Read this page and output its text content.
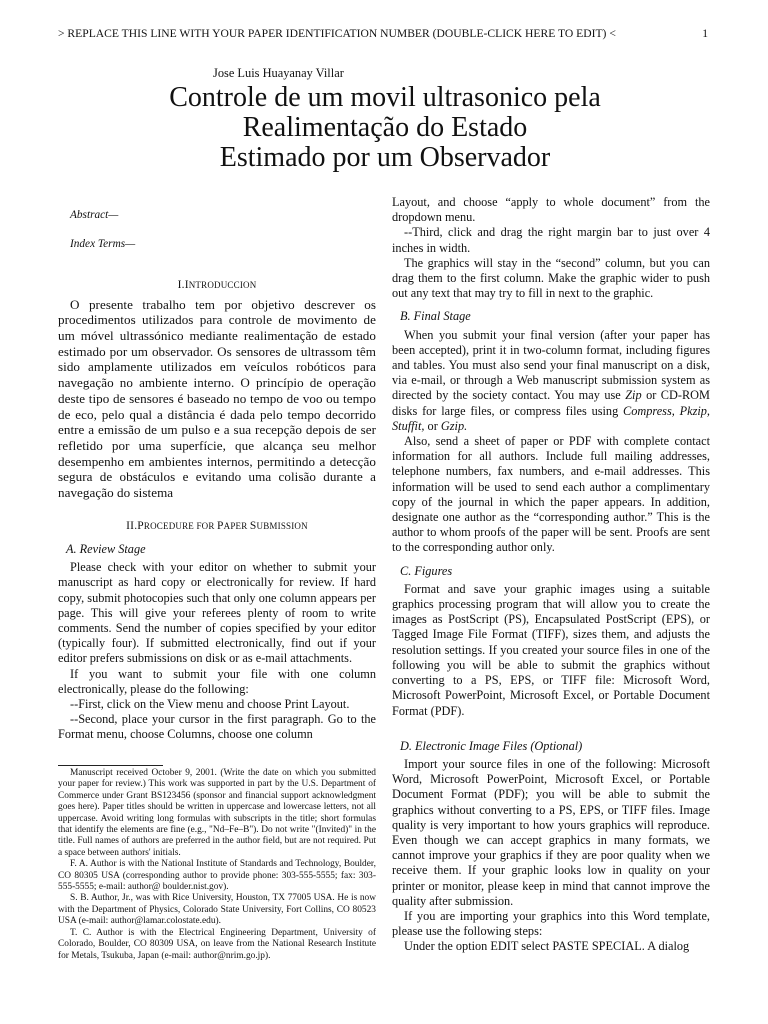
> REPLACE THIS LINE WITH YOUR PAPER IDENTIFICATION NUMBER (DOUBLE-CLICK HERE TO EDIT) <	1
Jose Luis Huayanay Villar
Controle de um movil ultrasonico pela
Realimentação do Estado
Estimado por um Observador
Abstract—
Index Terms—
I.INTRODUCCION

O presente trabalho tem por objetivo descrever os procedimentos utilizados para controle de movimento de um móvel ultrassónico mediante realimentação de estado estimado por um observador. Os sensores de ultrassom têm sido amplamente utilizados em veículos robóticos para navegação no ambiente interno. O princípio de operação deste tipo de sensores é baseado no tempo de voo ou tempo de eco, pelo qual a distância é dada pelo tempo decorrido entre a emissão de um pulso e a sua recepção depois de ser refletido por uma superfície, que alcança seu melhor desempenho em ambientes internos, permitindo a detecção segura de obstáculos e evitando uma colisão durante a navegação do sistema

II.PROCEDURE FOR PAPER SUBMISSION
A. Review Stage

Please check with your editor on whether to submit your manuscript as hard copy or electronically for review. If hard copy, submit photocopies such that only one column appears per page. This will give your referees plenty of room to write comments. Send the number of copies specified by your editor (typically four). If submitted electronically, find out if your editor prefers submissions on disk or as e-mail attachments.

If you want to submit your file with one column electronically, please do the following:

--First, click on the View menu and choose Print Layout.

--Second, place your cursor in the first paragraph. Go to the Format menu, choose Columns, choose one column

Manuscript received October 9, 2001. (Write the date on which you submitted your paper for review.) This work was supported in part by the U.S. Department of Commerce under Grant BS123456 (sponsor and financial support acknowledgment goes here). Paper titles should be written in uppercase and lowercase letters, not all uppercase. Avoid writing long formulas with subscripts in the title; short formulas that identify the elements are fine (e.g., "Nd–Fe–B"). Do not write "(Invited)" in the title. Full names of authors are preferred in the author field, but are not required. Put a space between authors' initials.

F. A. Author is with the National Institute of Standards and Technology, Boulder, CO 80305 USA (corresponding author to provide phone: 303-555-5555; fax: 303-555-5555; e-mail: author@ boulder.nist.gov).

S. B. Author, Jr., was with Rice University, Houston, TX 77005 USA. He is now with the Department of Physics, Colorado State University, Fort Collins, CO 80523 USA (e-mail: author@lamar.colostate.edu).

T. C. Author is with the Electrical Engineering Department, University of Colorado, Boulder, CO 80309 USA, on leave from the National Research Institute for Metals, Tsukuba, Japan (e-mail: author@nrim.go.jp).

Layout, and choose “apply to whole document” from the dropdown menu.

--Third, click and drag the right margin bar to just over 4 inches in width.

The graphics will stay in the “second” column, but you can drag them to the first column. Make the graphic wider to push out any text that may try to fill in next to the graphic.

B. Final Stage

When you submit your final version (after your paper has been accepted), print it in two-column format, including figures and tables. You must also send your final manuscript on a disk, via e-mail, or through a Web manuscript submission system as directed by the society contact. You may use Zip or CD-ROM disks for large files, or compress files using Compress, Pkzip, Stuffit, or Gzip.

Also, send a sheet of paper or PDF with complete contact information for all authors. Include full mailing addresses, telephone numbers, fax numbers, and e-mail addresses. This information will be used to send each author a complimentary copy of the journal in which the paper appears. In addition, designate one author as the “corresponding author.” This is the author to whom proofs of the paper will be sent. Proofs are sent to the corresponding author only.

C. Figures

Format and save your graphic images using a suitable graphics processing program that will allow you to create the images as PostScript (PS), Encapsulated PostScript (EPS), or Tagged Image File Format (TIFF), sizes them, and adjusts the resolution settings. If you created your source files in one of the following you will be able to submit the graphics without converting to a PS, EPS, or TIFF file: Microsoft Word, Microsoft PowerPoint, Microsoft Excel, or Portable Document Format (PDF).

D. Electronic Image Files (Optional)

Import your source files in one of the following: Microsoft Word, Microsoft PowerPoint, Microsoft Excel, or Portable Document Format (PDF); you will be able to submit the graphics without converting to a PS, EPS, or TIFF files. Image quality is very important to how yours graphics will reproduce. Even though we can accept graphics in many formats, we cannot improve your graphics if they are poor quality when we receive them. If your graphic looks low in quality on your printer or monitor, please keep in mind that cannot improve the quality after submission.

If you are importing your graphics into this Word template, please use the following steps:

Under the option EDIT select PASTE SPECIAL. A dialog
